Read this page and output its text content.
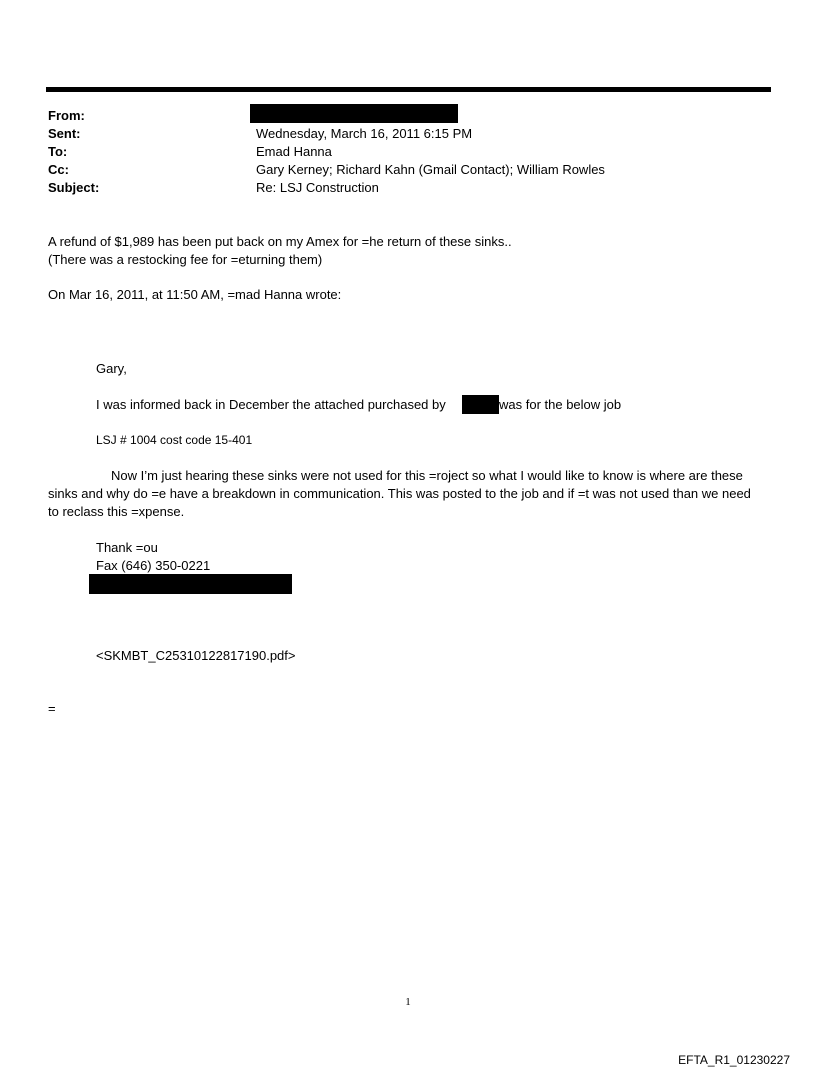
From:
Sent:	Wednesday, March 16, 2011 6:15 PM
To:	Emad Hanna
Cc:	Gary Kerney; Richard Kahn (Gmail Contact); William Rowles
Subject:	Re: LSJ Construction
A refund of $1,989 has been put back on my Amex for =he return of these sinks..
(There was a restocking fee for =eturning them)
On Mar 16, 2011, at 11:50 AM, =mad Hanna wrote:
Gary,
I was informed back in December the attached purchased by	was for the below job
LSJ # 1004 cost code 15-401
Now I’m just hearing these sinks were not used for this =roject so what I would like to know is where are these
sinks and why do =e have a breakdown in communication. This was posted to the job and if =t was not used than we need to reclass this =xpense.
Thank =ou
Fax (646) 350-0221
<SKMBT_C25310122817190.pdf>
=
1
EFTA_R1_01230227
